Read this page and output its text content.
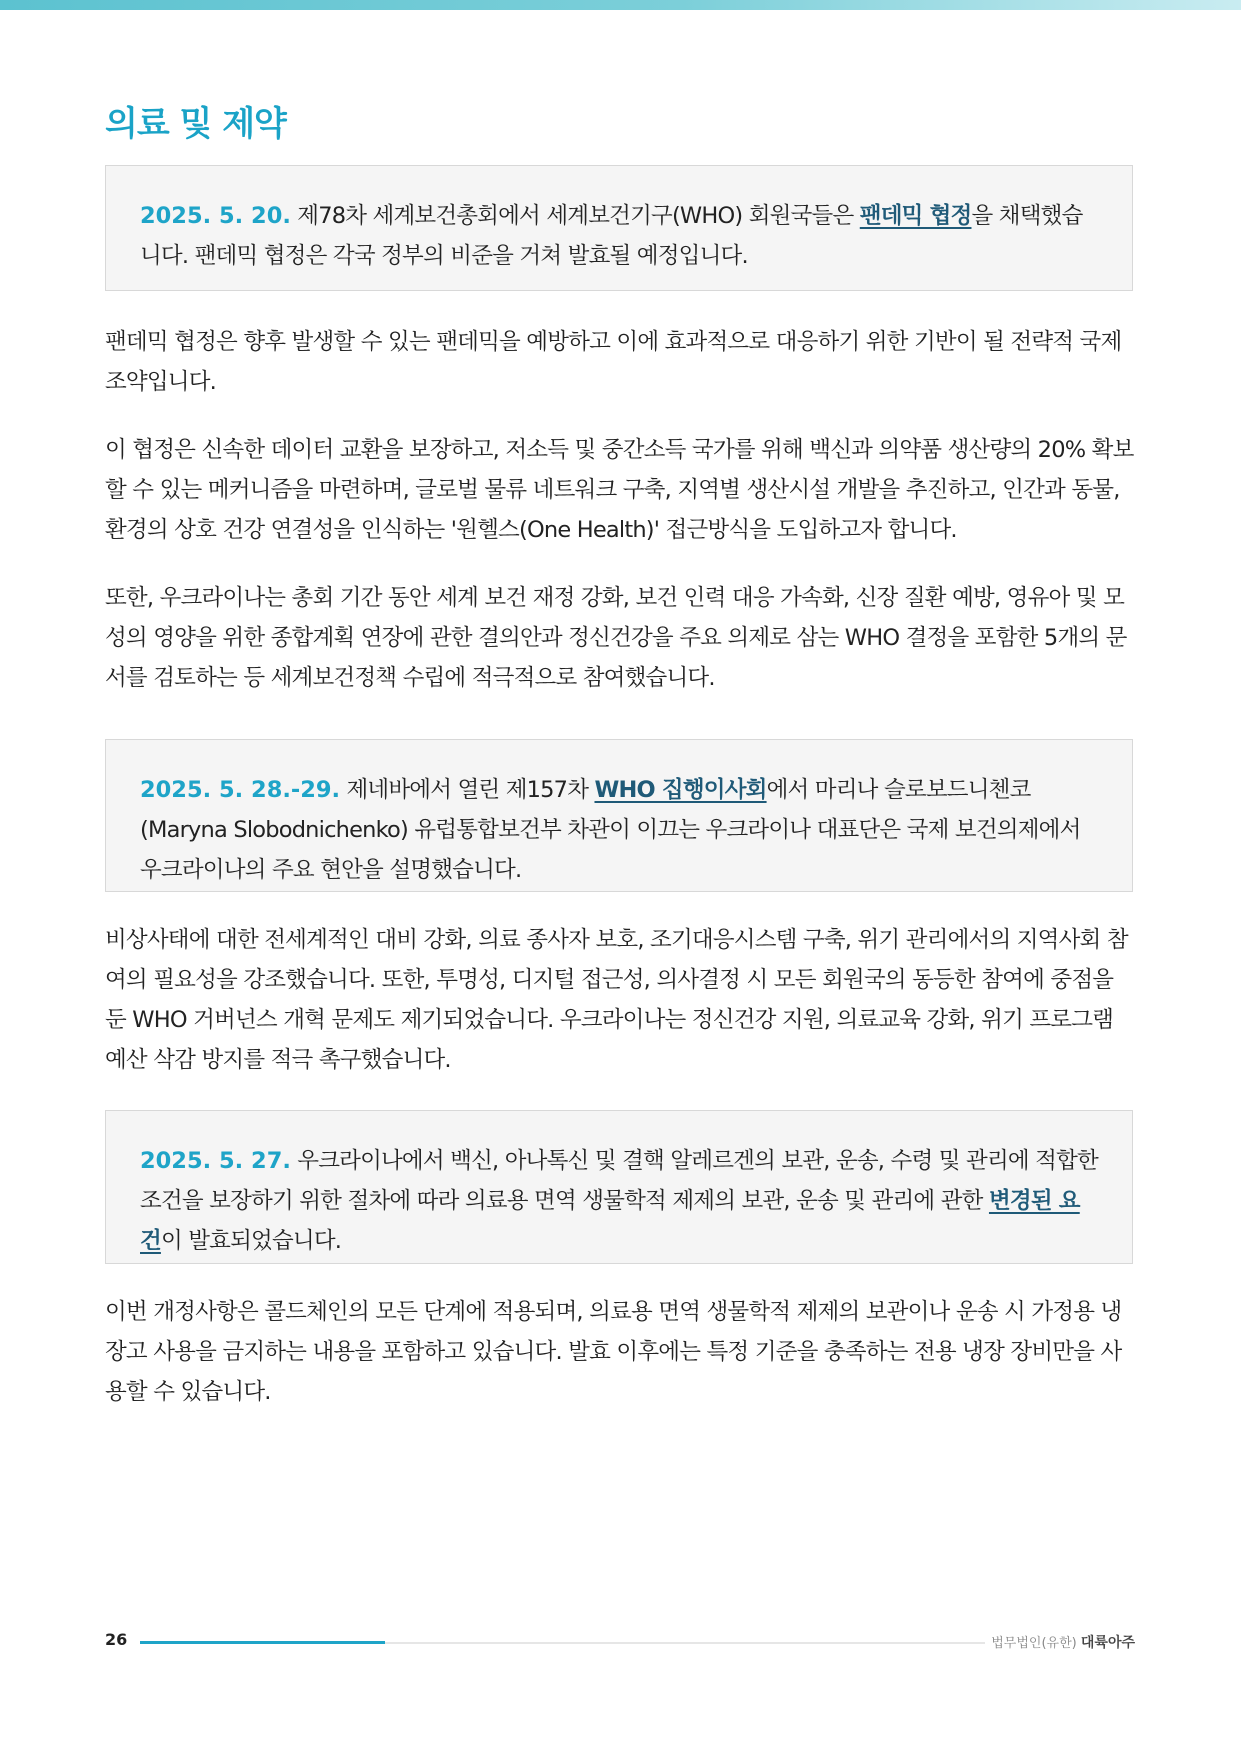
의료 및 제약
2025. 5. 20. 제78차 세계보건총회에서 세계보건기구(WHO) 회원국들은 팬데믹 협정을 채택했습니다. 팬데믹 협정은 각국 정부의 비준을 거쳐 발효될 예정입니다.

팬데믹 협정은 향후 발생할 수 있는 팬데믹을 예방하고 이에 효과적으로 대응하기 위한 기반이 될 전략적 국제 조약입니다.

이 협정은 신속한 데이터 교환을 보장하고, 저소득 및 중간소득 국가를 위해 백신과 의약품 생산량의 20% 확보할 수 있는 메커니즘을 마련하며, 글로벌 물류 네트워크 구축, 지역별 생산시설 개발을 추진하고, 인간과 동물, 환경의 상호 건강 연결성을 인식하는 '원헬스(One Health)' 접근방식을 도입하고자 합니다.

또한, 우크라이나는 총회 기간 동안 세계 보건 재정 강화, 보건 인력 대응 가속화, 신장 질환 예방, 영유아 및 모성의 영양을 위한 종합계획 연장에 관한 결의안과 정신건강을 주요 의제로 삼는 WHO 결정을 포함한 5개의 문서를 검토하는 등 세계보건정책 수립에 적극적으로 참여했습니다.

2025. 5. 28.-29. 제네바에서 열린 제157차 WHO 집행이사회에서 마리나 슬로보드니첸코(Maryna Slobodnichenko) 유럽통합보건부 차관이 이끄는 우크라이나 대표단은 국제 보건의제에서 우크라이나의 주요 현안을 설명했습니다.

비상사태에 대한 전세계적인 대비 강화, 의료 종사자 보호, 조기대응시스템 구축, 위기 관리에서의 지역사회 참여의 필요성을 강조했습니다. 또한, 투명성, 디지털 접근성, 의사결정 시 모든 회원국의 동등한 참여에 중점을 둔 WHO 거버넌스 개혁 문제도 제기되었습니다. 우크라이나는 정신건강 지원, 의료교육 강화, 위기 프로그램 예산 삭감 방지를 적극 촉구했습니다.

2025. 5. 27. 우크라이나에서 백신, 아나톡신 및 결핵 알레르겐의 보관, 운송, 수령 및 관리에 적합한 조건을 보장하기 위한 절차에 따라 의료용 면역 생물학적 제제의 보관, 운송 및 관리에 관한 변경된 요건이 발효되었습니다.

이번 개정사항은 콜드체인의 모든 단계에 적용되며, 의료용 면역 생물학적 제제의 보관이나 운송 시 가정용 냉장고 사용을 금지하는 내용을 포함하고 있습니다. 발효 이후에는 특정 기준을 충족하는 전용 냉장 장비만을 사용할 수 있습니다.

26	법무법인(유한) 대륙아주
